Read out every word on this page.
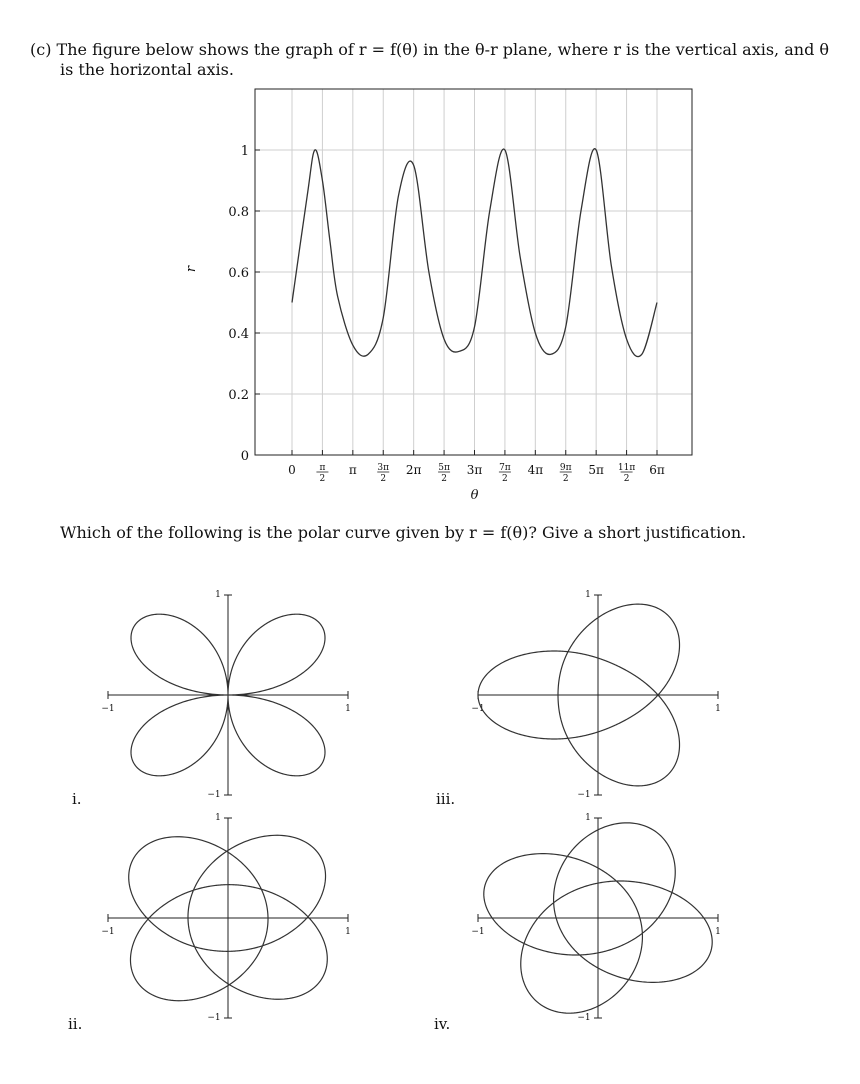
(c) The figure below shows the graph of r = f(θ) in the θ-r plane, where r is the vertical axis, and θ
is the horizontal axis.
0
0.2
0.4
0.6
0.8
1
0	π
2
π 3π
2
2π 5π
2
3π 7π
2
4π 9π
2
5π 11π
2
6π
θ
r
Which of the following is the polar curve given by r = f(θ)? Give a short justification.
1
−1
−1	1
i.
1
−1
−1	1
iii.
1
−1
−1	1
ii.
1
−1
−1	1
iv.
